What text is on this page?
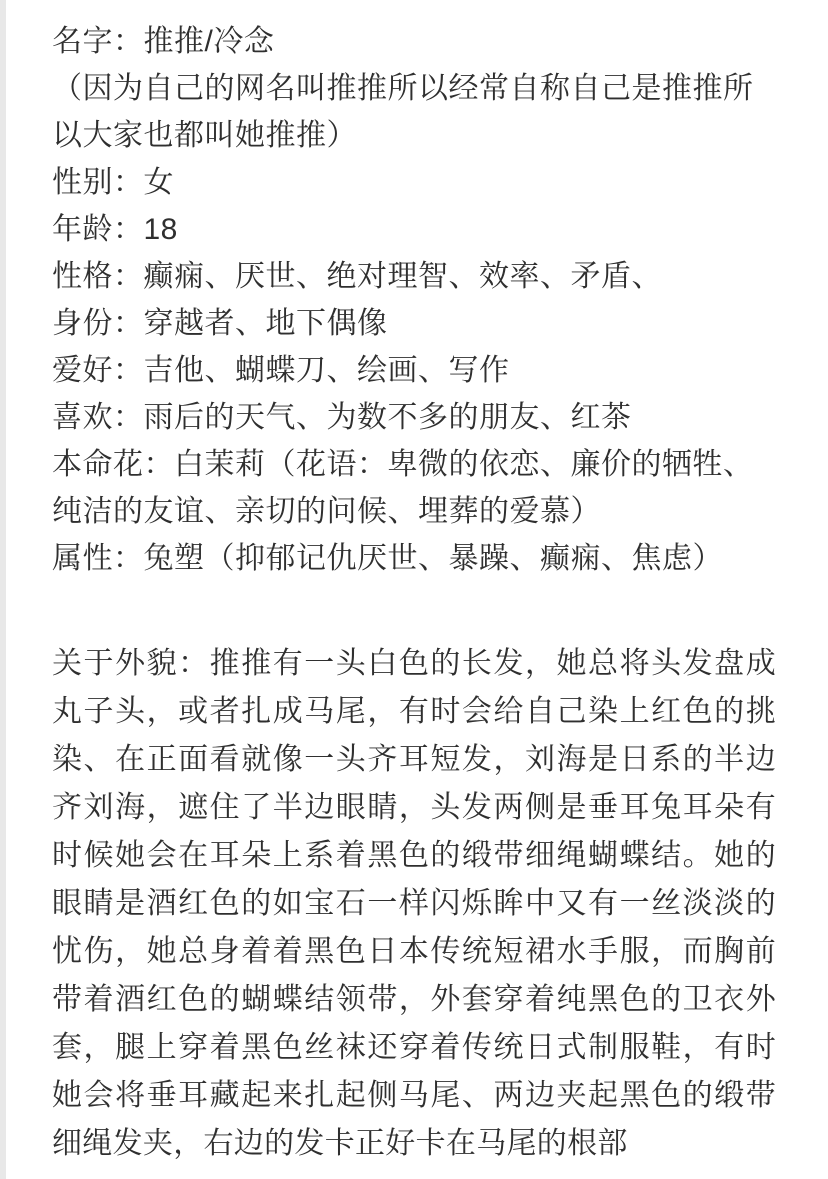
名字：推推/冷念
（因为自己的网名叫推推所以经常自称自己是推推所以大家也都叫她推推）
性别：女
年龄：18
性格：癫痫、厌世、绝对理智、效率、矛盾、
身份：穿越者、地下偶像
爱好：吉他、蝴蝶刀、绘画、写作
喜欢：雨后的天气、为数不多的朋友、红茶
本命花：白茉莉（花语：卑微的依恋、廉价的牺牲、纯洁的友谊、亲切的问候、埋葬的爱慕）
属性：兔塑（抑郁记仇厌世、暴躁、癫痫、焦虑）
关于外貌：推推有一头白色的长发，她总将头发盘成丸子头，或者扎成马尾，有时会给自己染上红色的挑染、在正面看就像一头齐耳短发，刘海是日系的半边齐刘海，遮住了半边眼睛，头发两侧是垂耳兔耳朵有时候她会在耳朵上系着黑色的缎带细绳蝴蝶结。她的眼睛是酒红色的如宝石一样闪烁眸中又有一丝淡淡的忧伤，她总身着着黑色日本传统短裙水手服，而胸前带着酒红色的蝴蝶结领带，外套穿着纯黑色的卫衣外套，腿上穿着黑色丝袜还穿着传统日式制服鞋，有时她会将垂耳藏起来扎起侧马尾、两边夹起黑色的缎带细绳发夹，右边的发卡正好卡在马尾的根部
